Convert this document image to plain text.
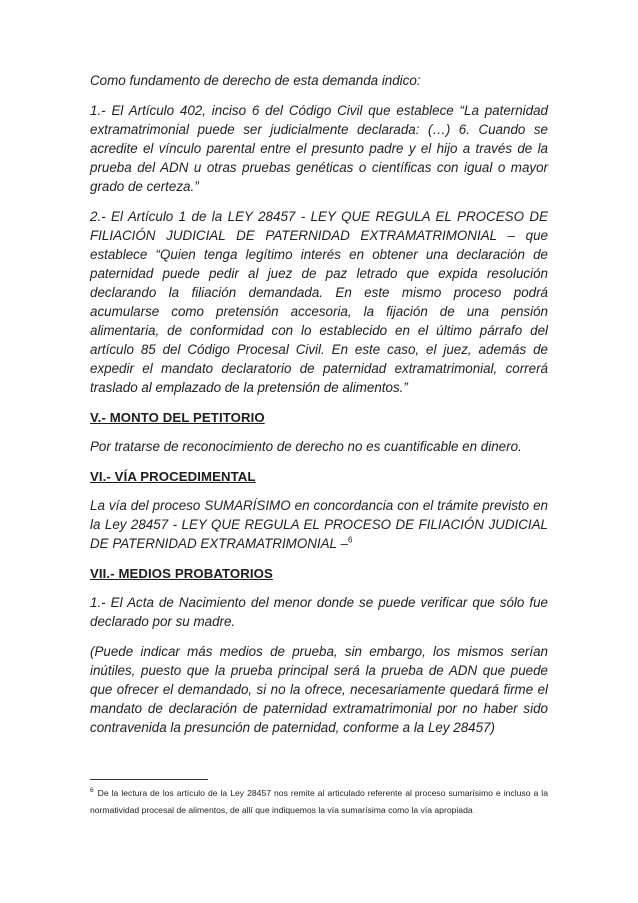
Como fundamento de derecho de esta demanda indico:

1.- El Artículo 402, inciso 6 del Código Civil que establece “La paternidad extramatrimonial puede ser judicialmente declarada: (…) 6. Cuando se acredite el vínculo parental entre el presunto padre y el hijo a través de la prueba del ADN u otras pruebas genéticas o científicas con igual o mayor grado de certeza.”

2.- El Artículo 1 de la LEY 28457 - LEY QUE REGULA EL PROCESO DE FILIACIÓN JUDICIAL DE PATERNIDAD EXTRAMATRIMONIAL – que establece “Quien tenga legítimo interés en obtener una declaración de paternidad puede pedir al juez de paz letrado que expida resolución declarando la filiación demandada. En este mismo proceso podrá acumularse como pretensión accesoria, la fijación de una pensión alimentaria, de conformidad con lo establecido en el último párrafo del artículo 85 del Código Procesal Civil. En este caso, el juez, además de expedir el mandato declaratorio de paternidad extramatrimonial, correrá traslado al emplazado de la pretensión de alimentos.”

V.- MONTO DEL PETITORIO

Por tratarse de reconocimiento de derecho no es cuantificable en dinero.

VI.- VÍA PROCEDIMENTAL

La vía del proceso SUMARÍSIMO en concordancia con el trámite previsto en la Ley 28457 - LEY QUE REGULA EL PROCESO DE FILIACIÓN JUDICIAL DE PATERNIDAD EXTRAMATRIMONIAL –$^6$

VII.- MEDIOS PROBATORIOS

1.- El Acta de Nacimiento del menor donde se puede verificar que sólo fue declarado por su madre.

(Puede indicar más medios de prueba, sin embargo, los mismos serían inútiles, puesto que la prueba principal será la prueba de ADN que puede que ofrecer el demandado, si no la ofrece, necesariamente quedará firme el mandato de declaración de paternidad extramatrimonial por no haber sido contravenida la presunción de paternidad, conforme a la Ley 28457)

$^6$ De la lectura de los artículo de la Ley 28457 nos remite al articulado referente al proceso sumarísimo e incluso a la normatividad procesal de alimentos, de allí que indiquemos la vía sumarísima como la vía apropiada
